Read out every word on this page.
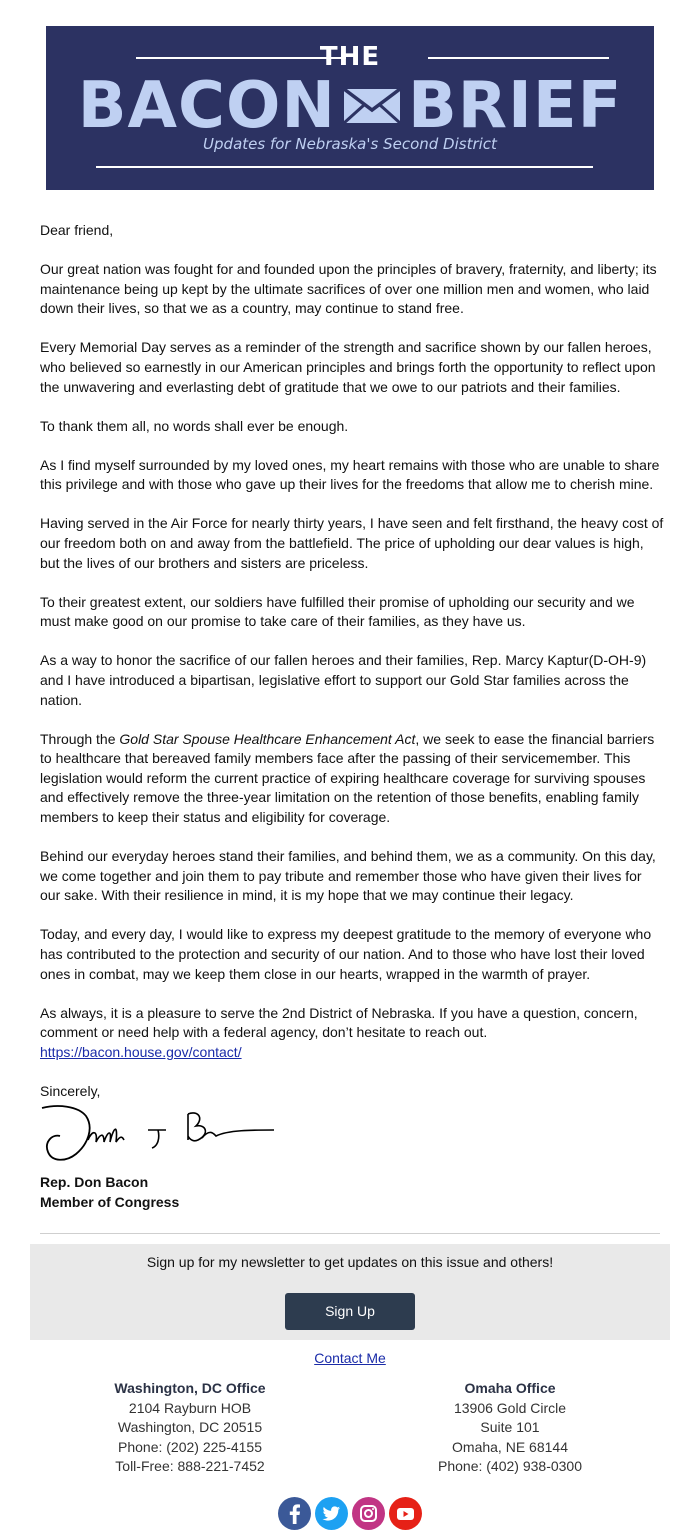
THE
BACON BRIEF
Updates for Nebraska's Second District

Dear friend,

Our great nation was fought for and founded upon the principles of bravery, fraternity, and liberty; its maintenance being up kept by the ultimate sacrifices of over one million men and women, who laid down their lives, so that we as a country, may continue to stand free.

Every Memorial Day serves as a reminder of the strength and sacrifice shown by our fallen heroes, who believed so earnestly in our American principles and brings forth the opportunity to reflect upon the unwavering and everlasting debt of gratitude that we owe to our patriots and their families.

To thank them all, no words shall ever be enough.

As I find myself surrounded by my loved ones, my heart remains with those who are unable to share this privilege and with those who gave up their lives for the freedoms that allow me to cherish mine.

Having served in the Air Force for nearly thirty years, I have seen and felt firsthand, the heavy cost of our freedom both on and away from the battlefield. The price of upholding our dear values is high, but the lives of our brothers and sisters are priceless.

To their greatest extent, our soldiers have fulfilled their promise of upholding our security and we must make good on our promise to take care of their families, as they have us.

As a way to honor the sacrifice of our fallen heroes and their families, Rep. Marcy Kaptur(D-OH-9) and I have introduced a bipartisan, legislative effort to support our Gold Star families across the nation.

Through the Gold Star Spouse Healthcare Enhancement Act, we seek to ease the financial barriers to healthcare that bereaved family members face after the passing of their servicemember. This legislation would reform the current practice of expiring healthcare coverage for surviving spouses and effectively remove the three-year limitation on the retention of those benefits, enabling family members to keep their status and eligibility for coverage.

Behind our everyday heroes stand their families, and behind them, we as a community. On this day, we come together and join them to pay tribute and remember those who have given their lives for our sake. With their resilience in mind, it is my hope that we may continue their legacy.

Today, and every day, I would like to express my deepest gratitude to the memory of everyone who has contributed to the protection and security of our nation. And to those who have lost their loved ones in combat, may we keep them close in our hearts, wrapped in the warmth of prayer.

As always, it is a pleasure to serve the 2nd District of Nebraska. If you have a question, concern, comment or need help with a federal agency, don’t hesitate to reach out. https://bacon.house.gov/contact/

Sincerely,

Rep. Don Bacon
Member of Congress
Sign up for my newsletter to get updates on this issue and others!
Sign Up
Contact Me
Washington, DC Office
2104 Rayburn HOB
Washington, DC 20515
Phone: (202) 225-4155
Toll-Free: 888-221-7452
Omaha Office
13906 Gold Circle
Suite 101
Omaha, NE 68144
Phone: (402) 938-0300
